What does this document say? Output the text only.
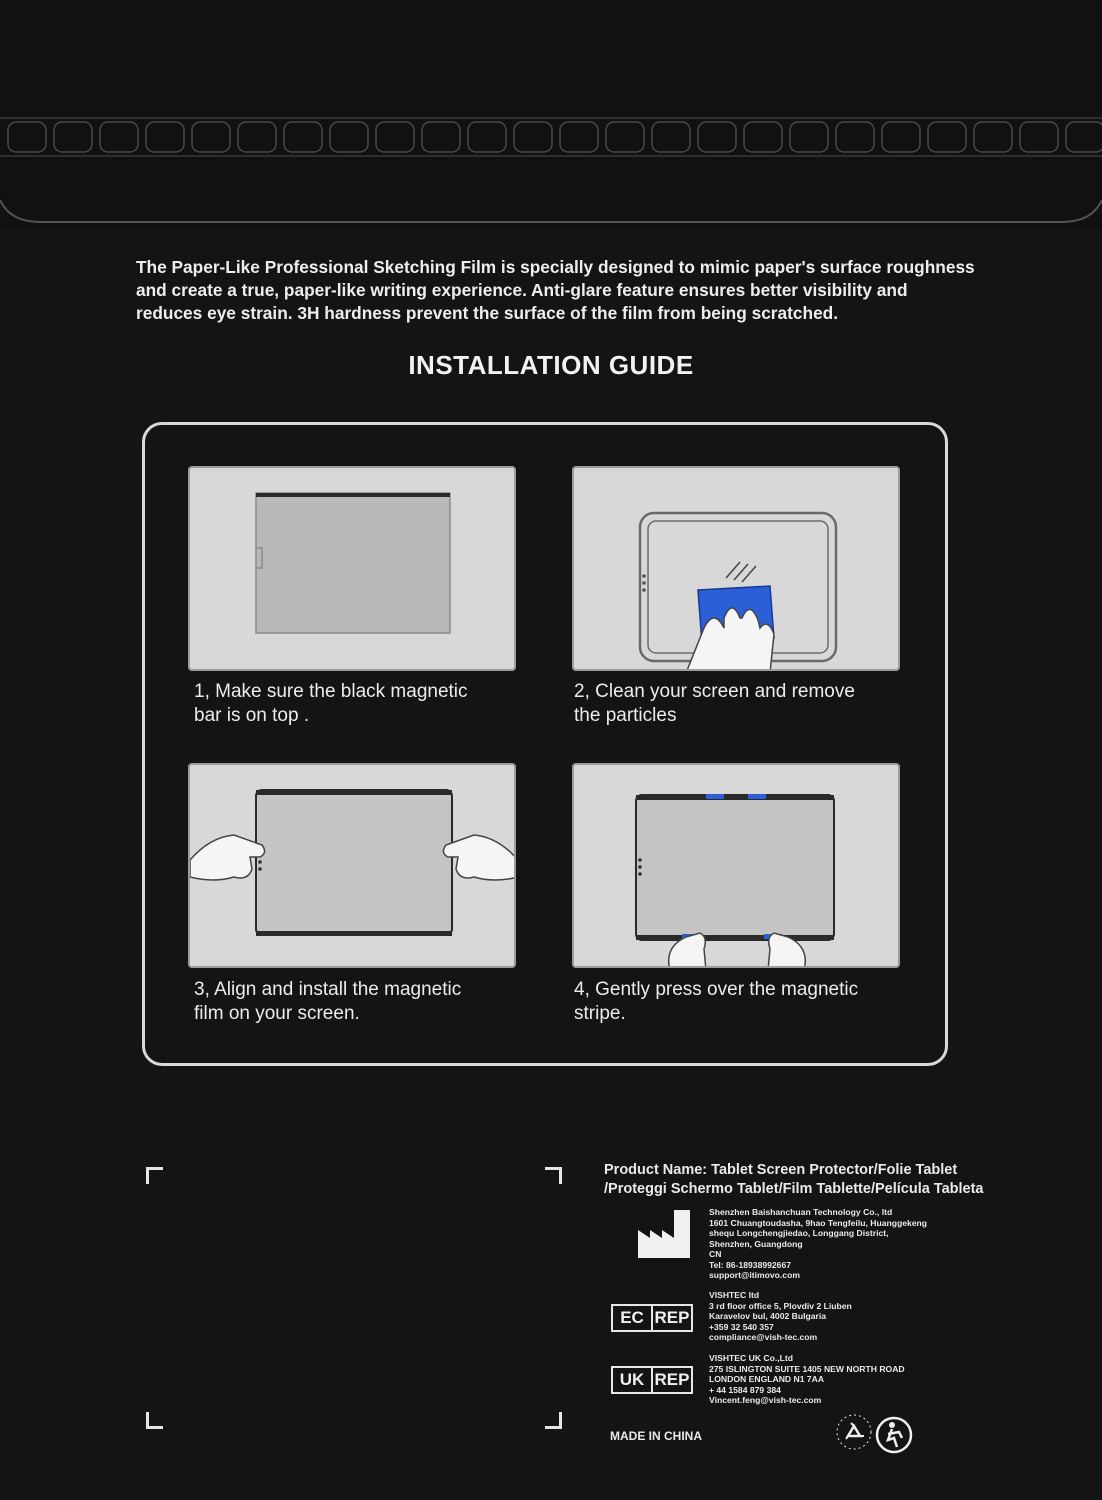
The Paper-Like Professional Sketching Film is specially designed to mimic paper's surface roughness
and create a true, paper-like writing experience. Anti-glare feature ensures better visibility and
reduces eye strain. 3H hardness prevent the surface of the film from being scratched.
INSTALLATION GUIDE
1, Make sure the black magnetic
bar is on top .
2, Clean your screen and remove
the particles
3, Align and install the magnetic
film on your screen.
4, Gently press over the magnetic
stripe.
Product Name: Tablet Screen Protector/Folie Tablet
/Proteggi Schermo Tablet/Film Tablette/Película Tableta
Shenzhen Baishanchuan Technology Co., ltd
1601 Chuangtoudasha, 9hao Tengfeilu, Huanggekeng
shequ Longchengjiedao, Longgang District,
Shenzhen, Guangdong
CN
Tel: 86-18938992667
support@itimovo.com
EC REP
VISHTEC ltd
3 rd floor office 5, Plovdiv 2 Liuben
Karavelov bul, 4002 Bulgaria
+359 32 540 357
compliance@vish-tec.com
UK REP
VISHTEC UK Co.,Ltd
275 ISLINGTON SUITE 1405 NEW NORTH ROAD
LONDON ENGLAND N1 7AA
+ 44 1584 879 384
Vincent.feng@vish-tec.com
MADE IN CHINA
